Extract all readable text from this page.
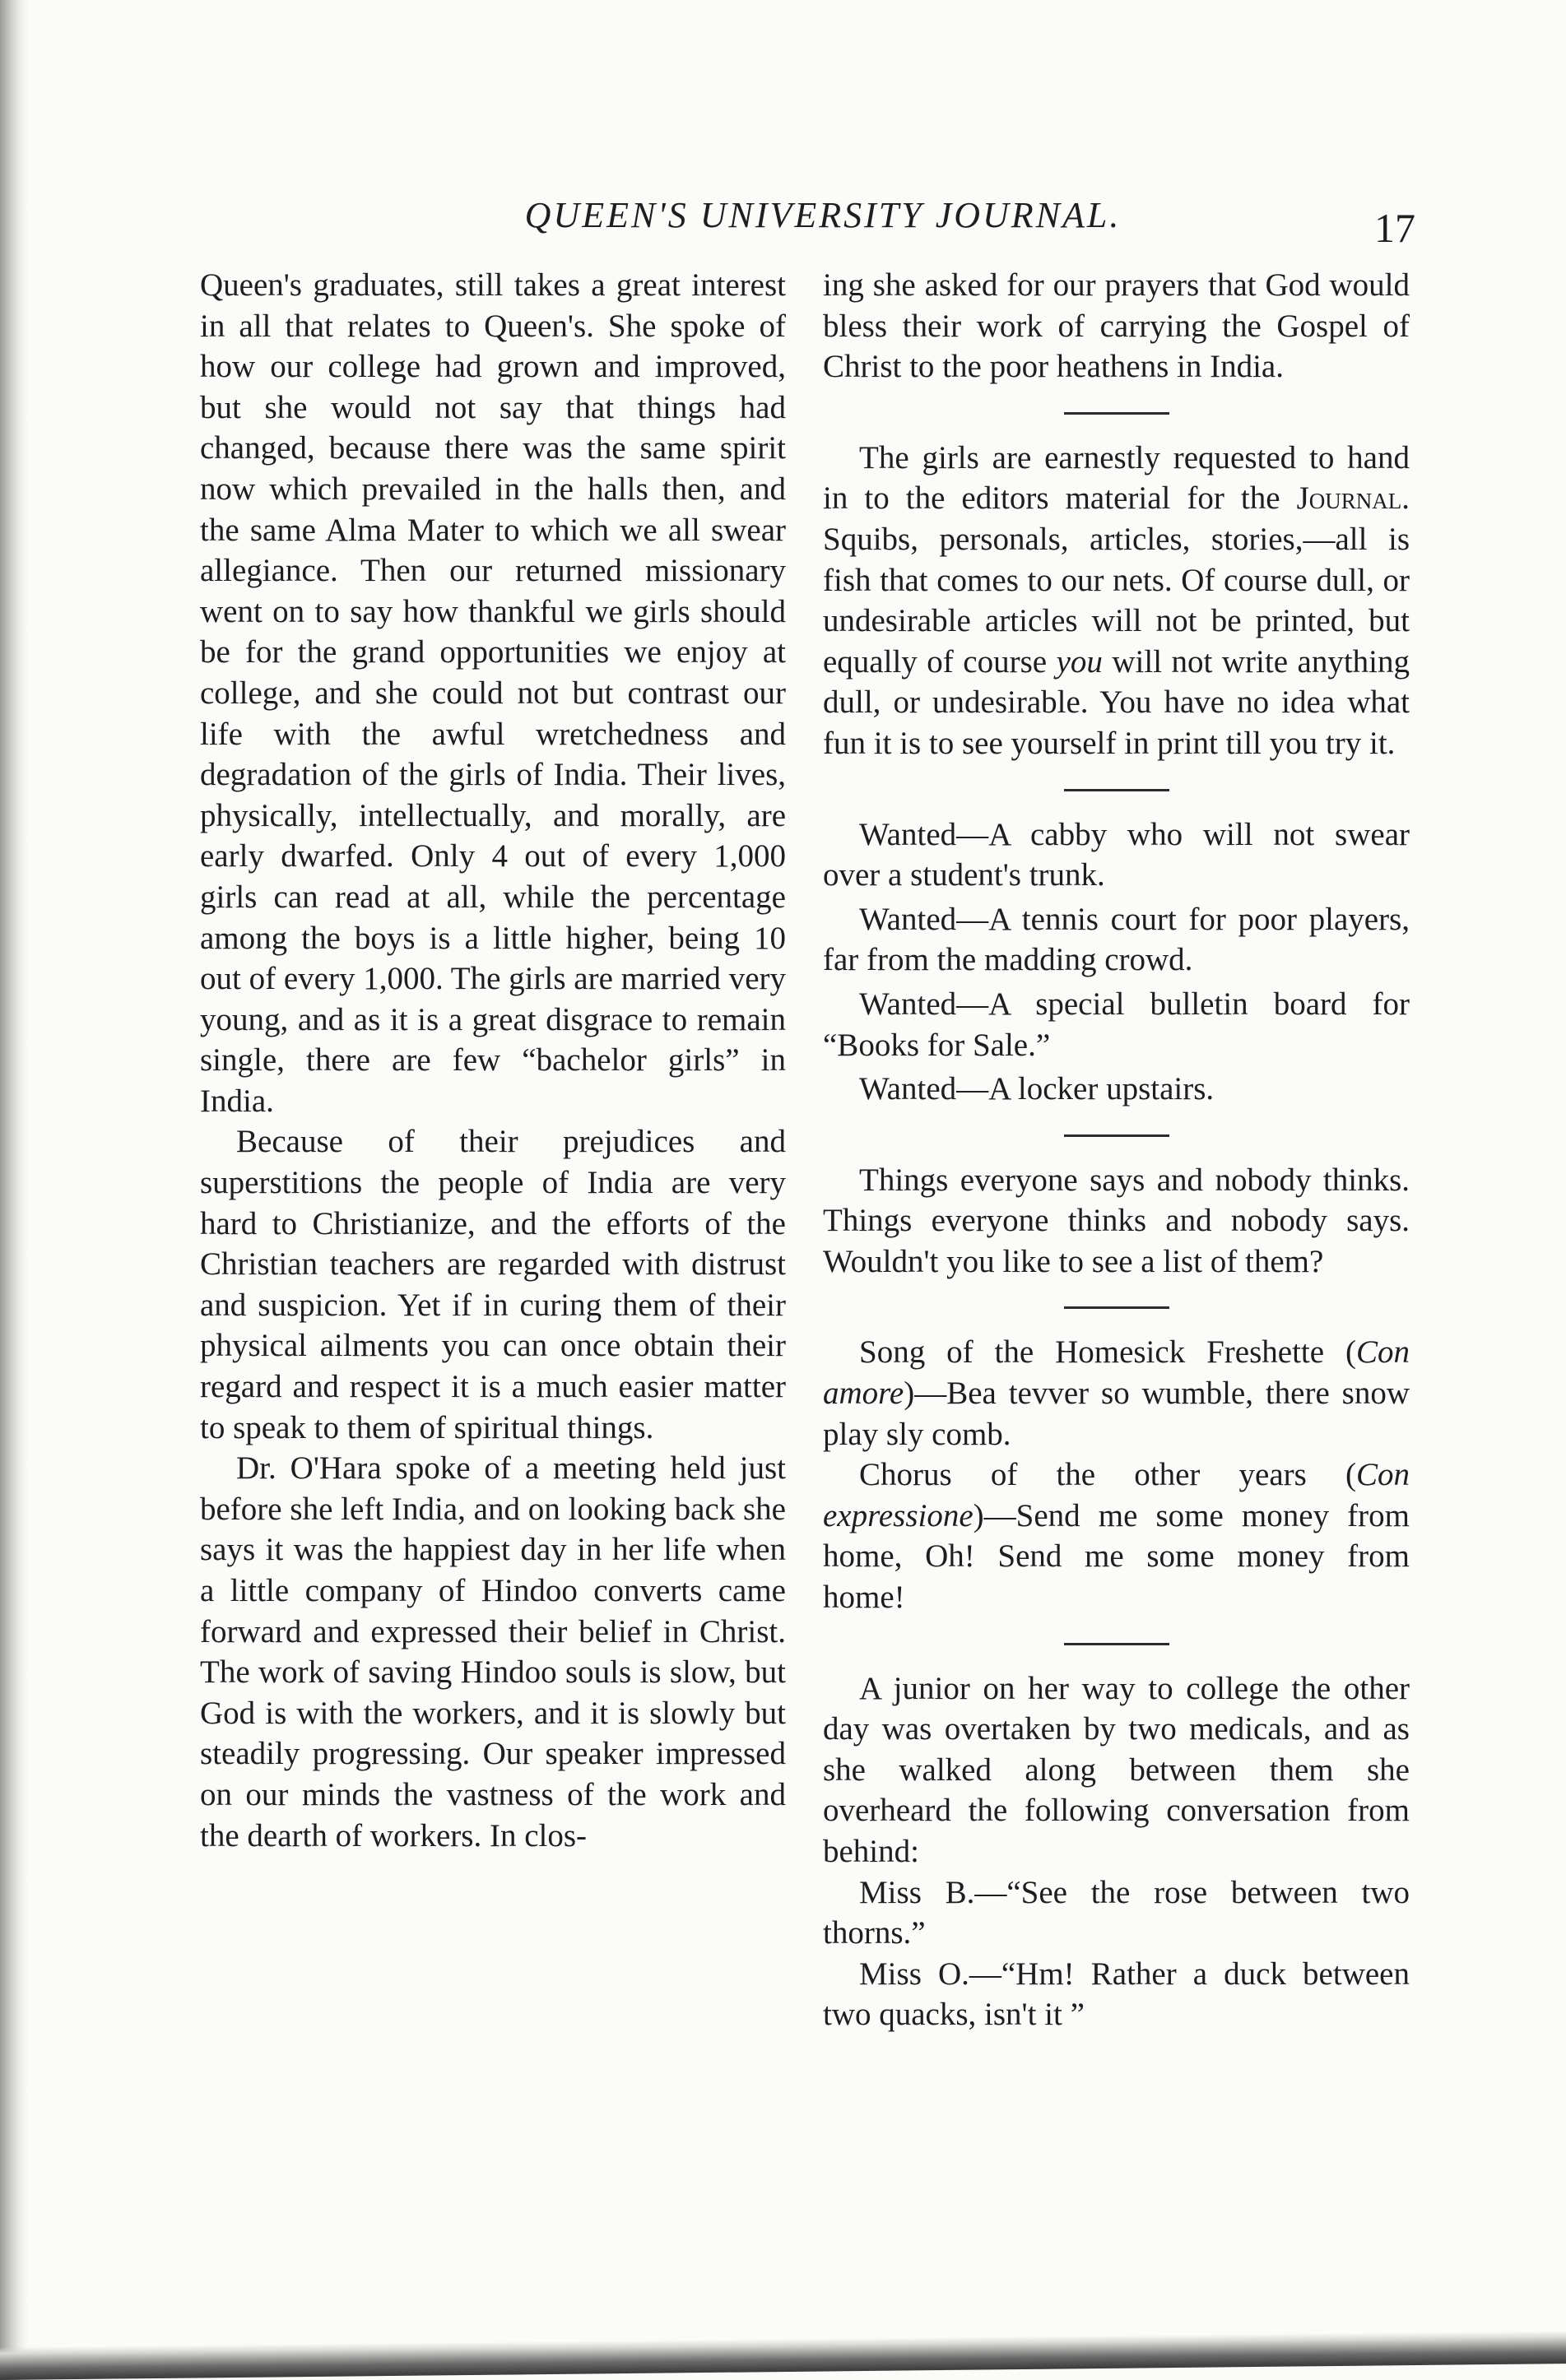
QUEEN'S UNIVERSITY JOURNAL.	17

Queen's graduates, still takes a great interest in all that relates to Queen's. She spoke of how our college had grown and improved, but she would not say that things had changed, because there was the same spirit now which prevailed in the halls then, and the same Alma Mater to which we all swear allegiance. Then our returned missionary went on to say how thankful we girls should be for the grand opportunities we enjoy at college, and she could not but contrast our life with the awful wretchedness and degradation of the girls of India. Their lives, physically, intellectually, and morally, are early dwarfed. Only 4 out of every 1,000 girls can read at all, while the percentage among the boys is a little higher, being 10 out of every 1,000. The girls are married very young, and as it is a great disgrace to remain single, there are few “bachelor girls” in India.

Because of their prejudices and superstitions the people of India are very hard to Christianize, and the efforts of the Christian teachers are regarded with distrust and suspicion. Yet if in curing them of their physical ailments you can once obtain their regard and respect it is a much easier matter to speak to them of spiritual things.

Dr. O'Hara spoke of a meeting held just before she left India, and on looking back she says it was the happiest day in her life when a little company of Hindoo converts came forward and expressed their belief in Christ. The work of saving Hindoo souls is slow, but God is with the workers, and it is slowly but steadily progressing. Our speaker impressed on our minds the vastness of the work and the dearth of workers. In clos-

ing she asked for our prayers that God would bless their work of carrying the Gospel of Christ to the poor heathens in India.

The girls are earnestly requested to hand in to the editors material for the Journal. Squibs, personals, articles, stories,—all is fish that comes to our nets. Of course dull, or undesirable articles will not be printed, but equally of course you will not write anything dull, or undesirable. You have no idea what fun it is to see yourself in print till you try it.

Wanted—A cabby who will not swear over a student's trunk.

Wanted—A tennis court for poor players, far from the madding crowd.

Wanted—A special bulletin board for “Books for Sale.”

Wanted—A locker upstairs.

Things everyone says and nobody thinks. Things everyone thinks and nobody says. Wouldn't you like to see a list of them?

Song of the Homesick Freshette (Con amore)—Bea tevver so wumble, there snow play sly comb.

Chorus of the other years (Con expressione)—Send me some money from home, Oh! Send me some money from home!

A junior on her way to college the other day was overtaken by two medicals, and as she walked along between them she overheard the following conversation from behind:

Miss B.—“See the rose between two thorns.”

Miss O.—“Hm! Rather a duck between two quacks, isn't it ”
